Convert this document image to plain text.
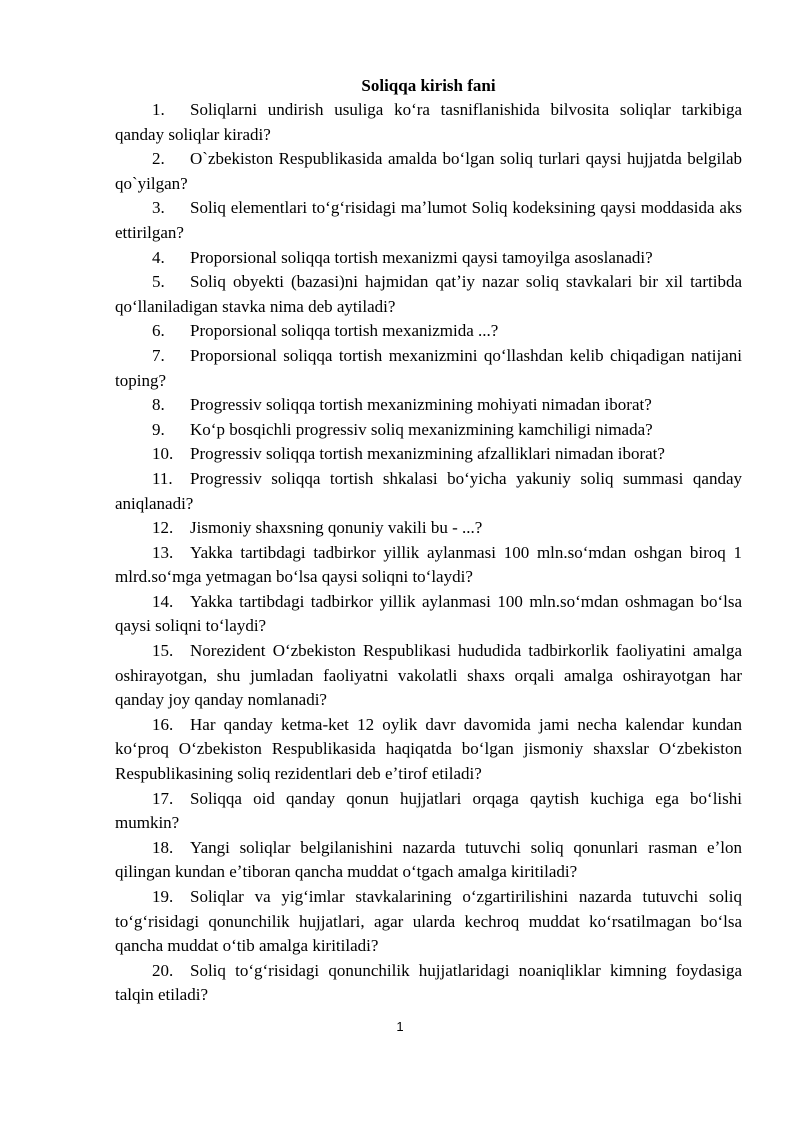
Soliqqa kirish fani
1. Soliqlarni undirish usuliga koʻra tasniflanishida bilvosita soliqlar tarkibiga qanday soliqlar kiradi?
2. O`zbekiston Respublikasida amalda boʻlgan soliq turlari qaysi hujjatda belgilab qo`yilgan?
3. Soliq elementlari toʻgʻrisidagi maʼlumot Soliq kodeksining qaysi moddasida aks ettirilgan?
4. Proporsional soliqqa tortish mexanizmi qaysi tamoyilga asoslanadi?
5. Soliq obyekti (bazasi)ni hajmidan qatʼiy nazar soliq stavkalari bir xil tartibda qoʻllaniladigan stavka nima deb aytiladi?
6. Proporsional soliqqa tortish mexanizmida ...?
7. Proporsional soliqqa tortish mexanizmini qoʻllashdan kelib chiqadigan natijani toping?
8. Progressiv soliqqa tortish mexanizmining mohiyati nimadan iborat?
9. Koʻp bosqichli progressiv soliq mexanizmining kamchiligi nimada?
10. Progressiv soliqqa tortish mexanizmining afzalliklari nimadan iborat?
11. Progressiv soliqqa tortish shkalasi boʻyicha yakuniy soliq summasi qanday aniqlanadi?
12. Jismoniy shaxsning qonuniy vakili bu - ...?
13. Yakka tartibdagi tadbirkor yillik aylanmasi 100 mln.soʻmdan oshgan biroq 1 mlrd.soʻmga yetmagan boʻlsa qaysi soliqni toʻlaydi?
14. Yakka tartibdagi tadbirkor yillik aylanmasi 100 mln.soʻmdan oshmagan boʻlsa qaysi soliqni toʻlaydi?
15. Norezident Oʻzbekiston Respublikasi hududida tadbirkorlik faoliyatini amalga oshirayotgan, shu jumladan faoliyatni vakolatli shaxs orqali amalga oshirayotgan har qanday joy qanday nomlanadi?
16. Har qanday ketma-ket 12 oylik davr davomida jami necha kalendar kundan koʻproq Oʻzbekiston Respublikasida haqiqatda boʻlgan jismoniy shaxslar Oʻzbekiston Respublikasining soliq rezidentlari deb eʼtirof etiladi?
17. Soliqqa oid qanday qonun hujjatlari orqaga qaytish kuchiga ega boʻlishi mumkin?
18. Yangi soliqlar belgilanishini nazarda tutuvchi soliq qonunlari rasman eʼlon qilingan kundan eʼtiboran qancha muddat oʻtgach amalga kiritiladi?
19. Soliqlar va yigʻimlar stavkalarining oʻzgartirilishini nazarda tutuvchi soliq toʻgʻrisidagi qonunchilik hujjatlari, agar ularda kechroq muddat koʻrsatilmagan boʻlsa qancha muddat oʻtib amalga kiritiladi?
20. Soliq toʻgʻrisidagi qonunchilik hujjatlaridagi noaniqliklar kimning foydasiga talqin etiladi?
1
